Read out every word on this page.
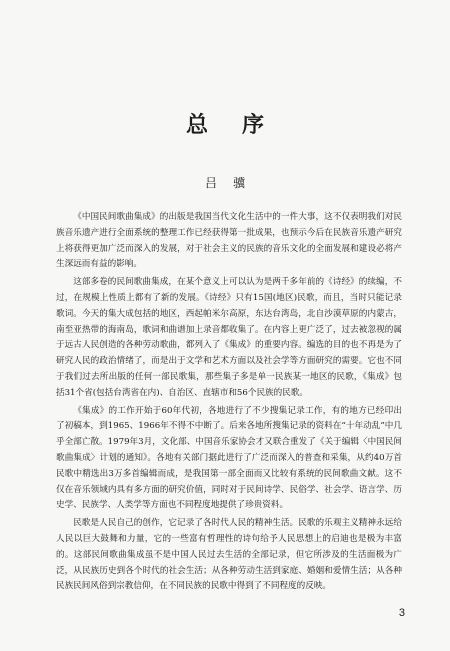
总序
吕骥

《中国民间歌曲集成》的出版是我国当代文化生活中的一件大事，这不仅表明我们对民族音乐遗产进行全面系统的整理工作已经获得第一批成果，也预示今后在民族音乐遗产研究上将获得更加广泛而深入的发展，对于社会主义的民族的音乐文化的全面发展和建设必将产生深远而有益的影响。

这部多卷的民间歌曲集成，在某个意义上可以认为是两千多年前的《诗经》的续编，不过，在规模上性质上都有了新的发展。《诗经》只有15国(地区)民歌，而且，当时只能记录歌词。今天的集大成包括的地区，西起帕米尔高原，东达台湾岛，北自沙漠草原的内蒙古，南至亚热带的海南岛，歌词和曲谱加上录音都收集了。在内容上更广泛了，过去被忽视的属于远古人民创造的各种劳动歌曲，都列入了《集成》的重要内容。编选的目的也不再是为了研究人民的政治情绪了，而是出于文学和艺术方面以及社会学等方面研究的需要。它也不同于我们过去所出版的任何一部民歌集，那些集子多是单一民族某一地区的民歌，《集成》包括31个省(包括台湾省在内)、自治区、直辖市和56个民族的民歌。

《集成》的工作开始于60年代初，各地进行了不少搜集记录工作，有的地方已经印出了初稿本，到1965、1966年不得不中断了。后来各地所搜集记录的资料在“十年动乱”中几乎全部亡散。1979年3月，文化部、中国音乐家协会才又联合重发了《关于编辑〈中国民间歌曲集成〉计划的通知》。各地有关部门据此进行了广泛而深入的普查和采集，从约40万首民歌中精选出3万多首编辑而成，是我国第一部全面而又比较有系统的民间歌曲文献。这不仅在音乐领域内具有多方面的研究价值，同时对于民间诗学、民俗学、社会学、语言学、历史学、民族学、人类学等方面也不同程度地提供了珍贵资料。

民歌是人民自己的创作，它记录了各时代人民的精神生活。民歌的乐观主义精神永远给人民以巨大鼓舞和力量，它的一些富有哲理性的诗句给予人民思想上的启迪也是极为丰富的。这部民间歌曲集成虽不是中国人民过去生活的全部记录，但它所涉及的生活面极为广泛，从民族历史到各个时代的社会生活；从各种劳动生活到家庭、婚姻和爱情生活；从各种民族民间风俗到宗教信仰，在不同民族的民歌中得到了不同程度的反映。

3
